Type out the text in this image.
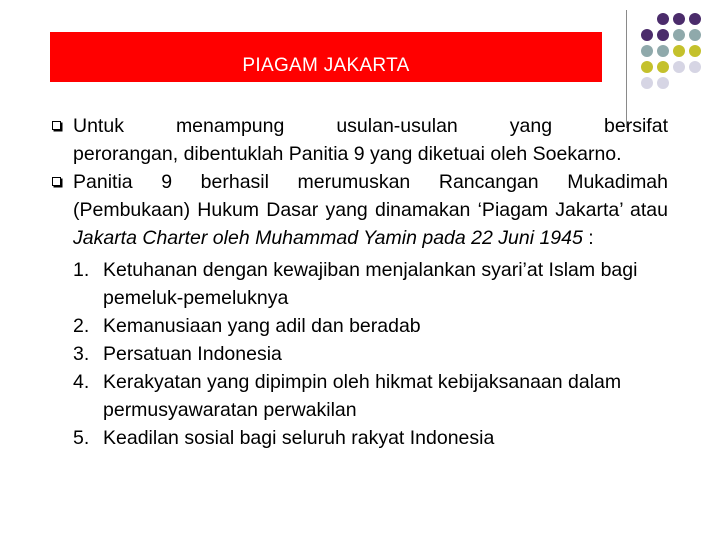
PIAGAM JAKARTA
Untuk menampung usulan-usulan yang bersifat
perorangan, dibentuklah Panitia 9 yang diketuai oleh Soekarno.
Panitia 9 berhasil merumuskan Rancangan Mukadimah (Pembukaan) Hukum Dasar yang dinamakan ‘Piagam Jakarta’ atau Jakarta Charter oleh Muhammad Yamin pada 22 Juni 1945 :
1. Ketuhanan dengan kewajiban menjalankan syari’at Islam bagi pemeluk-pemeluknya
2. Kemanusiaan yang adil dan beradab
3. Persatuan Indonesia
4. Kerakyatan yang dipimpin oleh hikmat kebijaksanaan dalam permusyawaratan perwakilan
5. Keadilan sosial bagi seluruh rakyat Indonesia
